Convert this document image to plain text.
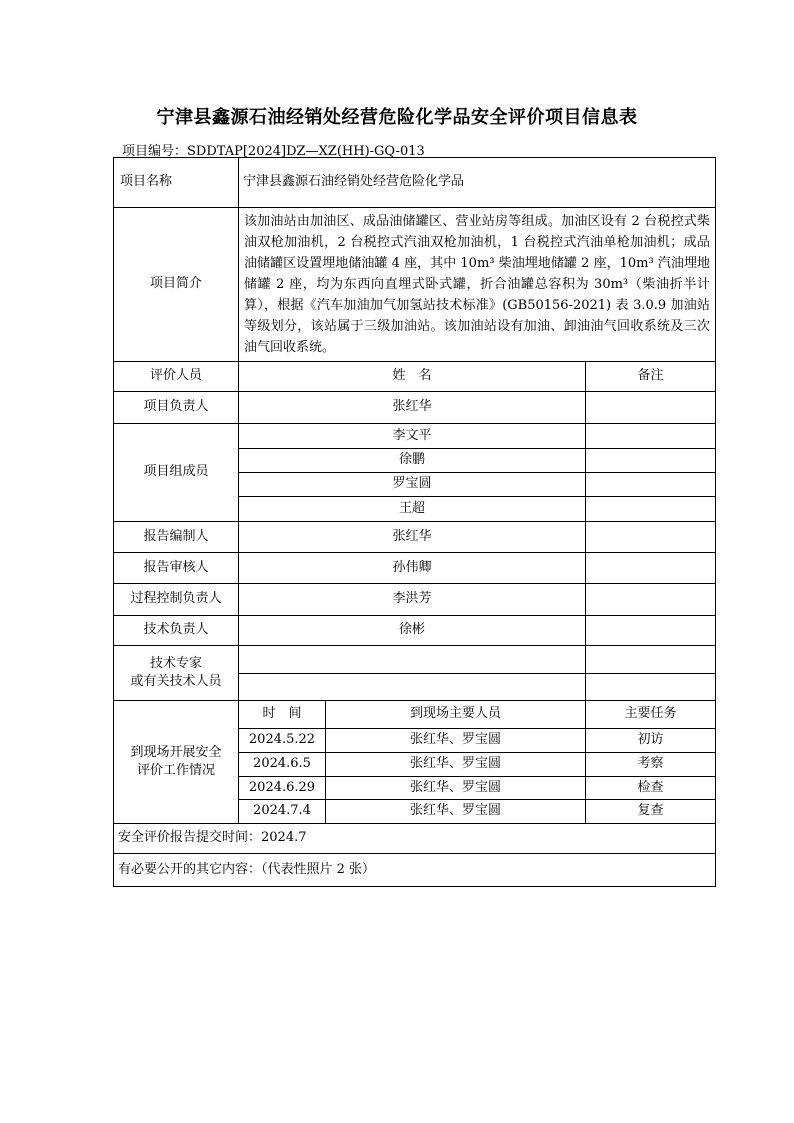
宁津县鑫源石油经销处经营危险化学品安全评价项目信息表
项目编号：SDDTAP[2024]DZ—XZ(HH)-GQ-013
项目名称	宁津县鑫源石油经销处经营危险化学品		
项目简介	该加油站由加油区、成品油储罐区、营业站房等组成。加油区设有 2 台税控式柴油双枪加油机，2 台税控式汽油双枪加油机，1 台税控式汽油单枪加油机；成品油储罐区设置埋地储油罐 4 座，其中 10m³ 柴油埋地储罐 2 座，10m³ 汽油埋地储罐 2 座，均为东西向直埋式卧式罐，折合油罐总容积为 30m³（柴油折半计算），根据《汽车加油加气加氢站技术标准》(GB50156-2021) 表 3.0.9 加油站等级划分，该站属于三级加油站。该加油站设有加油、卸油油气回收系统及三次油气回收系统。		
评价人员	姓　名		备注
项目负责人	张红华		
项目组成员	李文平		
	徐鹏		
	罗宝圆		
	王超		
报告编制人	张红华		
报告审核人	孙伟卿		
过程控制负责人	李洪芳		
技术负责人	徐彬		
技术专家
或有关技术人员			

到现场开展安全
评价工作情况	时　间	到现场主要人员	主要任务
	2024.5.22	张红华、罗宝圆	初访
	2024.6.5	张红华、罗宝圆	考察
	2024.6.29	张红华、罗宝圆	检查
	2024.7.4	张红华、罗宝圆	复查
安全评价报告提交时间：2024.7			
有必要公开的其它内容：（代表性照片 2 张）			
